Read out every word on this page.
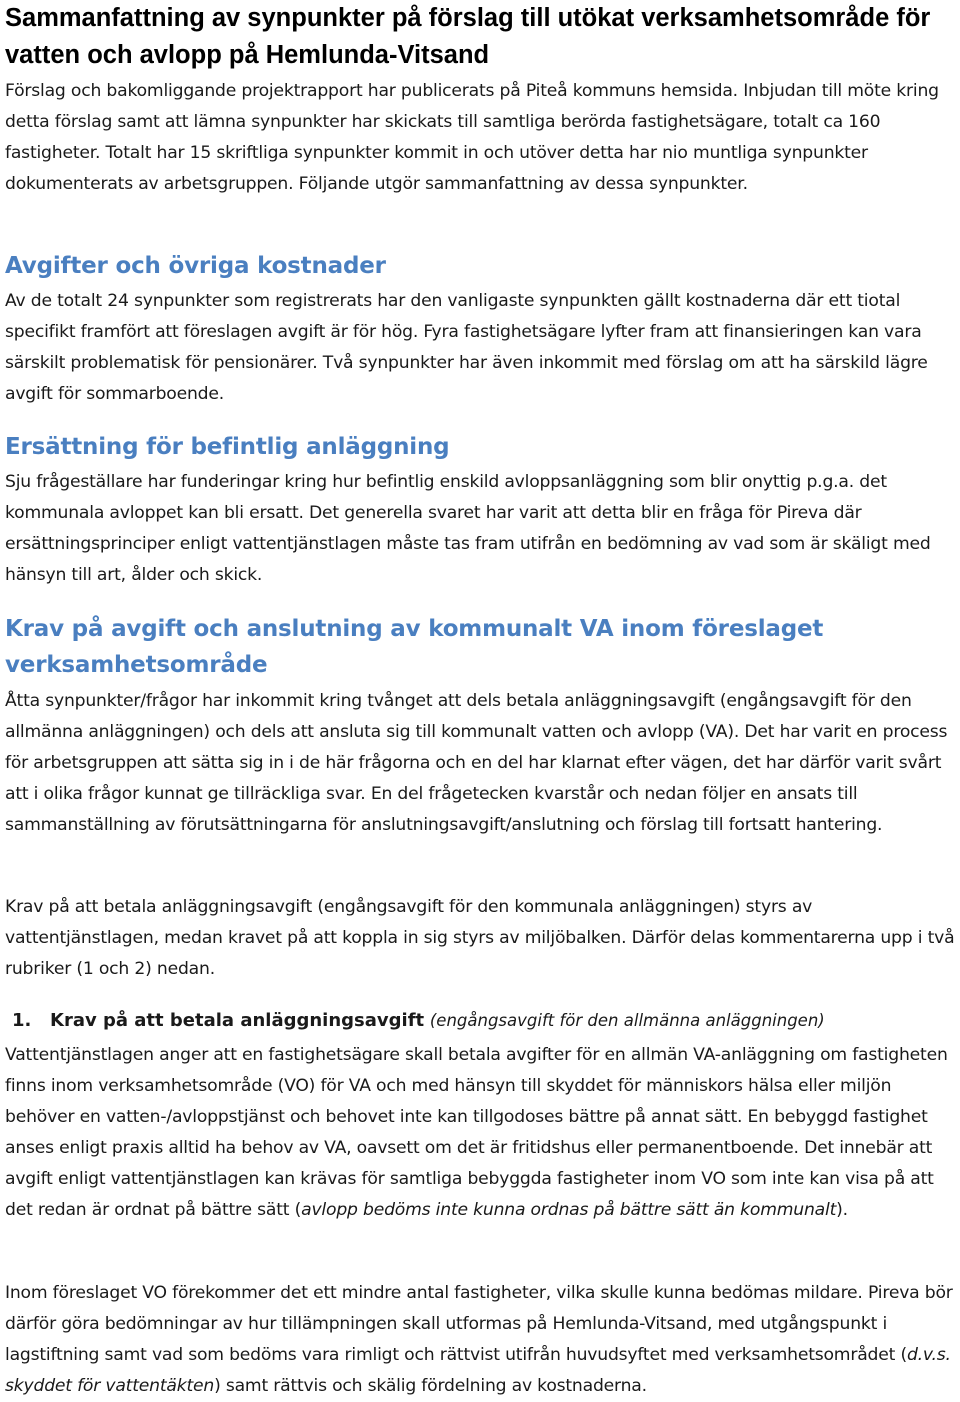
Sammanfattning av synpunkter på förslag till utökat verksamhetsområde för vatten och avlopp på Hemlunda-Vitsand

Förslag och bakomliggande projektrapport har publicerats på Piteå kommuns hemsida. Inbjudan till möte kring detta förslag samt att lämna synpunkter har skickats till samtliga berörda fastighetsägare, totalt ca 160 fastigheter. Totalt har 15 skriftliga synpunkter kommit in och utöver detta har nio muntliga synpunkter dokumenterats av arbetsgruppen. Följande utgör sammanfattning av dessa synpunkter.

Avgifter och övriga kostnader

Av de totalt 24 synpunkter som registrerats har den vanligaste synpunkten gällt kostnaderna där ett tiotal specifikt framfört att föreslagen avgift är för hög. Fyra fastighetsägare lyfter fram att finansieringen kan vara särskilt problematisk för pensionärer. Två synpunkter har även inkommit med förslag om att ha särskild lägre avgift för sommarboende.

Ersättning för befintlig anläggning

Sju frågeställare har funderingar kring hur befintlig enskild avloppsanläggning som blir onyttig p.g.a. det kommunala avloppet kan bli ersatt. Det generella svaret har varit att detta blir en fråga för Pireva där ersättningsprinciper enligt vattentjänstlagen måste tas fram utifrån en bedömning av vad som är skäligt med hänsyn till art, ålder och skick.

Krav på avgift och anslutning av kommunalt VA inom föreslaget verksamhetsområde

Åtta synpunkter/frågor har inkommit kring tvånget att dels betala anläggningsavgift (engångsavgift för den allmänna anläggningen) och dels att ansluta sig till kommunalt vatten och avlopp (VA). Det har varit en process för arbetsgruppen att sätta sig in i de här frågorna och en del har klarnat efter vägen, det har därför varit svårt att i olika frågor kunnat ge tillräckliga svar. En del frågetecken kvarstår och nedan följer en ansats till sammanställning av förutsättningarna för anslutningsavgift/anslutning och förslag till fortsatt hantering.

Krav på att betala anläggningsavgift (engångsavgift för den kommunala anläggningen) styrs av vattentjänstlagen, medan kravet på att koppla in sig styrs av miljöbalken. Därför delas kommentarerna upp i två rubriker (1 och 2) nedan.

1. Krav på att betala anläggningsavgift (engångsavgift för den allmänna anläggningen)

Vattentjänstlagen anger att en fastighetsägare skall betala avgifter för en allmän VA-anläggning om fastigheten finns inom verksamhetsområde (VO) för VA och med hänsyn till skyddet för människors hälsa eller miljön behöver en vatten-/avloppstjänst och behovet inte kan tillgodoses bättre på annat sätt. En bebyggd fastighet anses enligt praxis alltid ha behov av VA, oavsett om det är fritidshus eller permanentboende. Det innebär att avgift enligt vattentjänstlagen kan krävas för samtliga bebyggda fastigheter inom VO som inte kan visa på att det redan är ordnat på bättre sätt (avlopp bedöms inte kunna ordnas på bättre sätt än kommunalt).

Inom föreslaget VO förekommer det ett mindre antal fastigheter, vilka skulle kunna bedömas mildare. Pireva bör därför göra bedömningar av hur tillämpningen skall utformas på Hemlunda-Vitsand, med utgångspunkt i lagstiftning samt vad som bedöms vara rimligt och rättvist utifrån huvudsyftet med verksamhetsområdet (d.v.s. skyddet för vattentäkten) samt rättvis och skälig fördelning av kostnaderna.
